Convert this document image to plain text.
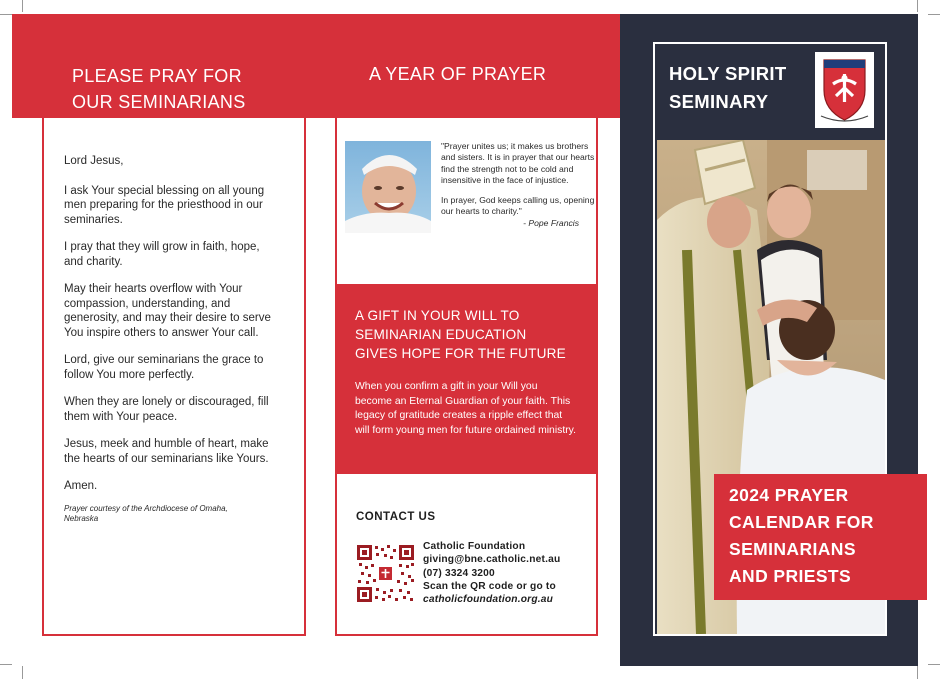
PLEASE PRAY FOR
OUR SEMINARIANS

Lord Jesus,

I ask Your special blessing on all young men preparing for the priesthood in our seminaries.

I pray that they will grow in faith, hope, and charity.

May their hearts overflow with Your compassion, understanding, and generosity, and may their desire to serve You inspire others to answer Your call.

Lord, give our seminarians the grace to follow You more perfectly.

When they are lonely or discouraged, fill them with Your peace.

Jesus, meek and humble of heart, make the hearts of our seminarians like Yours.

Amen.

Prayer courtesy of the Archdiocese of Omaha, Nebraska
A YEAR OF PRAYER
"Prayer unites us; it makes us brothers and sisters. It is in prayer that our hearts find the strength not to be cold and insensitive in the face of injustice.
In prayer, God keeps calling us, opening our hearts to charity."
- Pope Francis
A GIFT IN YOUR WILL TO
SEMINARIAN EDUCATION
GIVES HOPE FOR THE FUTURE
When you confirm a gift in your Will you become an Eternal Guardian of your faith. This legacy of gratitude creates a ripple effect that will form young men for future ordained ministry.
CONTACT US
Catholic Foundation
giving@bne.catholic.net.au
(07) 3324 3200
Scan the QR code or go to
catholicfoundation.org.au
HOLY SPIRIT
SEMINARY
2024 PRAYER
CALENDAR FOR
SEMINARIANS
AND PRIESTS
